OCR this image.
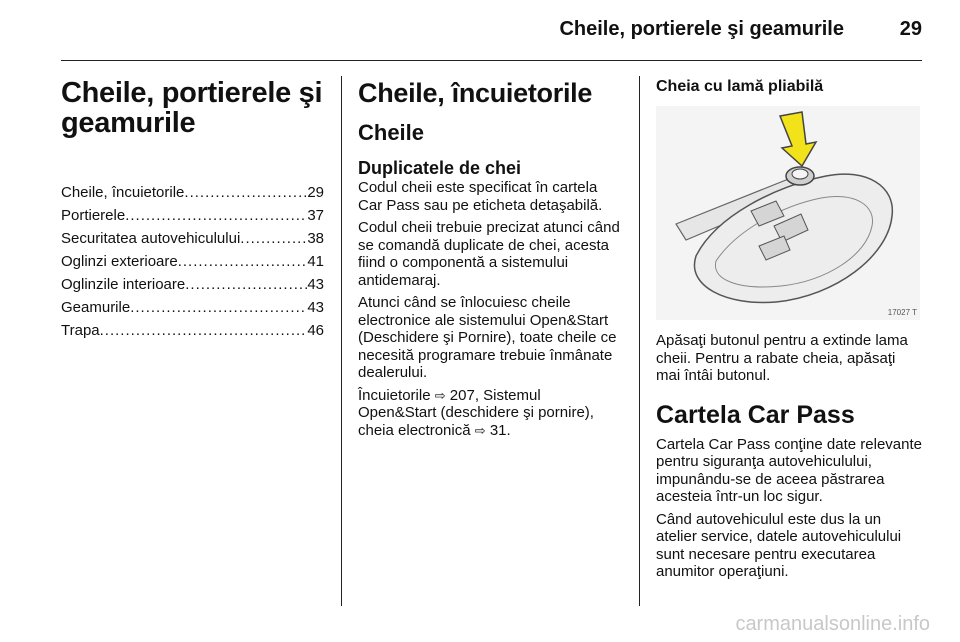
Cheile, portierele şi geamurile	29
Cheile, portierele şi geamurile
Cheile, încuietorile .....	29
Portierele .....	37
Securitatea autovehiculului .....	38
Oglinzi exterioare .....	41
Oglinzile interioare .....	43
Geamurile .....	43
Trapa .....	46
Cheile, încuietorile
Cheile
Duplicatele de chei

Codul cheii este specificat în cartela Car Pass sau pe eticheta detaşabilă.

Codul cheii trebuie precizat atunci când se comandă duplicate de chei, acesta fiind o componentă a sistemului antidemaraj.

Atunci când se înlocuiesc cheile electronice ale sistemului Open&Start (Deschidere şi Pornire), toate cheile ce necesită programare trebuie înmânate dealerului.

Încuietorile ⇨ 207, Sistemul Open&Start (deschidere şi pornire), cheia electronică ⇨ 31.

Cheia cu lamă pliabilă
17027 T

Apăsaţi butonul pentru a extinde lama cheii. Pentru a rabate cheia, apăsaţi mai întâi butonul.

Cartela Car Pass

Cartela Car Pass conţine date relevante pentru siguranţa autovehiculului, impunându-se de aceea păstrarea acesteia într-un loc sigur.

Când autovehiculul este dus la un atelier service, datele autovehiculului sunt necesare pentru executarea anumitor operaţiuni.

carmanualsonline.info
